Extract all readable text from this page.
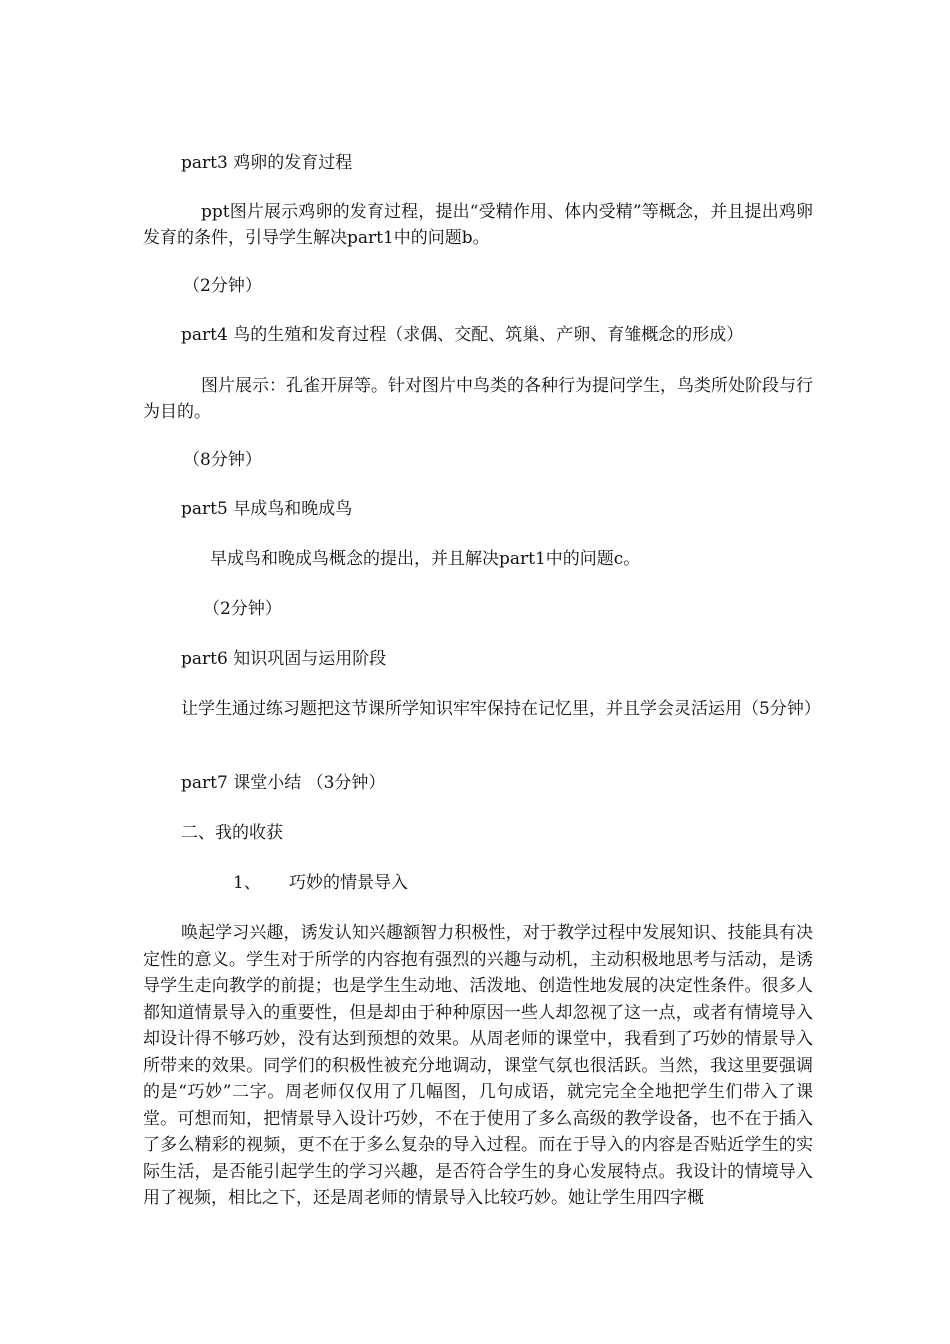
part3 鸡卵的发育过程
ppt图片展示鸡卵的发育过程，提出“受精作用、体内受精”等概念，并且提出鸡卵发育的条件，引导学生解决part1中的问题b。
（2分钟）
part4 鸟的生殖和发育过程（求偶、交配、筑巢、产卵、育雏概念的形成）
图片展示：孔雀开屏等。针对图片中鸟类的各种行为提问学生，鸟类所处阶段与行为目的。
（8分钟）
part5 早成鸟和晚成鸟
早成鸟和晚成鸟概念的提出，并且解决part1中的问题c。
（2分钟）
part6 知识巩固与运用阶段
让学生通过练习题把这节课所学知识牢牢保持在记忆里，并且学会灵活运用（5分钟）
part7 课堂小结 （3分钟）
二、我的收获
1、 巧妙的情景导入
唤起学习兴趣，诱发认知兴趣额智力积极性，对于教学过程中发展知识、技能具有决定性的意义。学生对于所学的内容抱有强烈的兴趣与动机，主动积极地思考与活动，是诱导学生走向教学的前提；也是学生生动地、活泼地、创造性地发展的决定性条件。很多人都知道情景导入的重要性，但是却由于种种原因一些人却忽视了这一点，或者有情境导入却设计得不够巧妙，没有达到预想的效果。从周老师的课堂中，我看到了巧妙的情景导入所带来的效果。同学们的积极性被充分地调动，课堂气氛也很活跃。当然，我这里要强调的是“巧妙”二字。周老师仅仅用了几幅图，几句成语，就完完全全地把学生们带入了课堂。可想而知，把情景导入设计巧妙，不在于使用了多么高级的教学设备，也不在于插入了多么精彩的视频，更不在于多么复杂的导入过程。而在于导入的内容是否贴近学生的实际生活，是否能引起学生的学习兴趣，是否符合学生的身心发展特点。我设计的情境导入用了视频，相比之下，还是周老师的情景导入比较巧妙。她让学生用四字概
